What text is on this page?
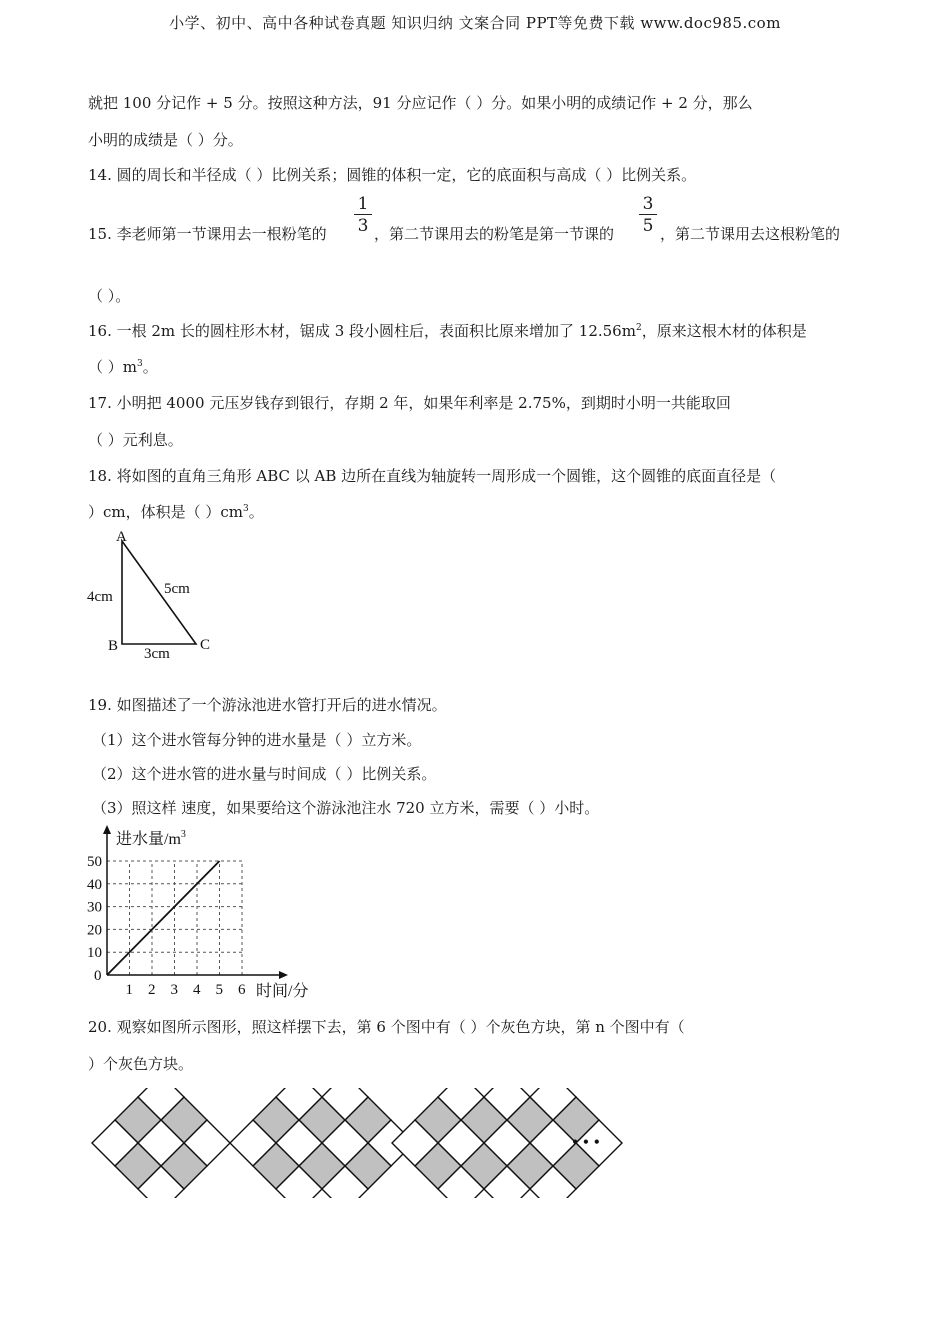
小学、初中、高中各种试卷真题 知识归纳 文案合同 PPT等免费下载 www.doc985.com
就把 100 分记作 + 5 分。按照这种方法，91 分应记作（ ）分。如果小明的成绩记作 + 2 分，那么
小明的成绩是（ ）分。
14. 圆的周长和半径成（ ）比例关系；圆锥的体积一定，它的底面积与高成（ ）比例关系。
15. 李老师第一节课用去一根粉笔的 $\frac{1}{3}$ ，第二节课用去的粉笔是第一节课的 $\frac{3}{5}$ ，第二节课用去这根粉笔的
（ ）。
16. 一根 2m 长的圆柱形木材，锯成 3 段小圆柱后，表面积比原来增加了 $12.56m^2$，原来这根木材的体积是
（ ）$m^3$。
17. 小明把 4000 元压岁钱存到银行，存期 2 年，如果年利率是 2.75%，到期时小明一共能取回
（ ）元利息。
18. 将如图的直角三角形 ABC 以 AB 边所在直线为轴旋转一周形成一个圆锥，这个圆锥的底面直径是（
）cm，体积是（ ）$cm^3$。
A
B	C
4cm	5cm
3cm
19. 如图描述了一个游泳池进水管打开后的进水情况。
（1）这个进水管每分钟的进水量是（ ）立方米。
（2）这个进水管的进水量与时间成（ ）比例关系。
（3）照这样 速度，如果要给这个游泳池注水 720 立方米，需要（ ）小时。
1 2 3 4 5 6
10
20
30
40
50
进水量$/m^3$
时间/分
0
20. 观察如图所示图形，照这样摆下去，第 6 个图中有（ ）个灰色方块，第 n 个图中有（
）个灰色方块。
• • •
